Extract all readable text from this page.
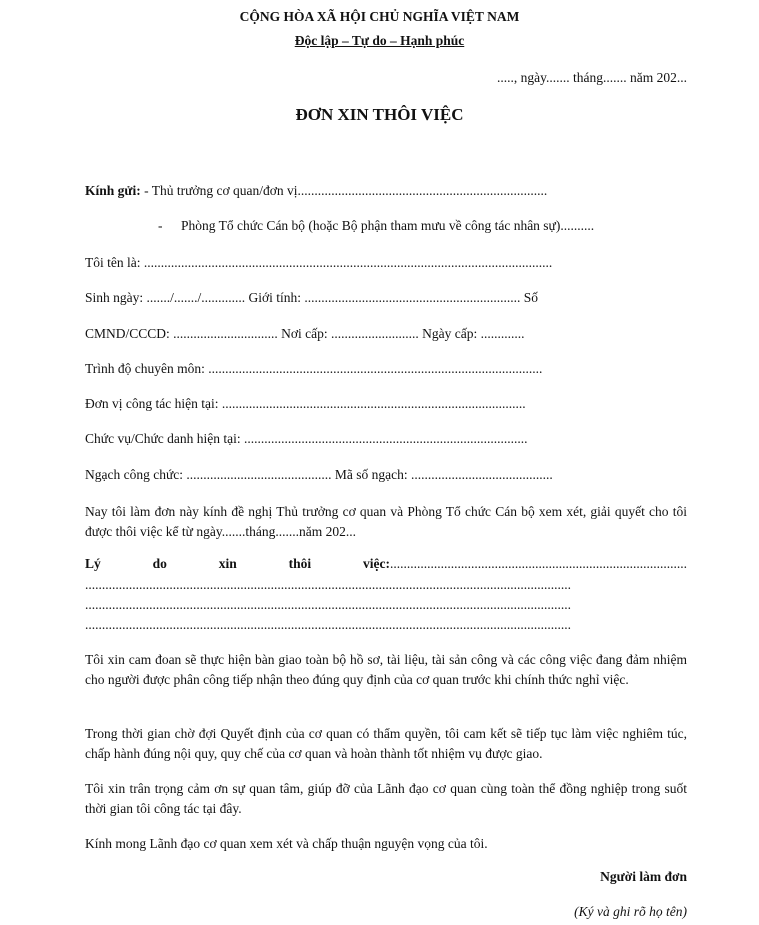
CỘNG HÒA XÃ HỘI CHỦ NGHĨA VIỆT NAM
Độc lập – Tự do – Hạnh phúc
....., ngày....... tháng....... năm 202...
ĐƠN XIN THÔI VIỆC
Kính gửi: - Thủ trưởng cơ quan/đơn vị..........................................................................
- Phòng Tổ chức Cán bộ (hoặc Bộ phận tham mưu về công tác nhân sự)..........
Tôi tên là: .........................................................................................................................
Sinh ngày: ......./......./............. Giới tính: ................................................................ Số
CMND/CCCD: ............................... Nơi cấp: .......................... Ngày cấp: .............
Trình độ chuyên môn: ...................................................................................................
Đơn vị công tác hiện tại: ..........................................................................................
Chức vụ/Chức danh hiện tại: ....................................................................................
Ngạch công chức: ........................................... Mã số ngạch: ..........................................
Nay tôi làm đơn này kính đề nghị Thủ trưởng cơ quan và Phòng Tổ chức Cán bộ xem xét, giải quyết cho tôi được thôi việc kể từ ngày.......tháng.......năm 202...
Lý	do	xin	thôi	việc: ........................................................................................
................................................................................................................................................
................................................................................................................................................
................................................................................................................................................
Tôi xin cam đoan sẽ thực hiện bàn giao toàn bộ hồ sơ, tài liệu, tài sản công và các công việc đang đảm nhiệm cho người được phân công tiếp nhận theo đúng quy định của cơ quan trước khi chính thức nghỉ việc.
Trong thời gian chờ đợi Quyết định của cơ quan có thẩm quyền, tôi cam kết sẽ tiếp tục làm việc nghiêm túc, chấp hành đúng nội quy, quy chế của cơ quan và hoàn thành tốt nhiệm vụ được giao.
Tôi xin trân trọng cảm ơn sự quan tâm, giúp đỡ của Lãnh đạo cơ quan cùng toàn thể đồng nghiệp trong suốt thời gian tôi công tác tại đây.
Kính mong Lãnh đạo cơ quan xem xét và chấp thuận nguyện vọng của tôi.
Người làm đơn
(Ký và ghi rõ họ tên)
